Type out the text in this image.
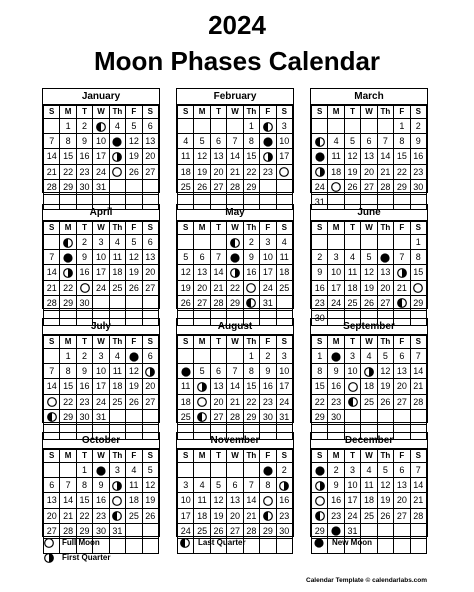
2024
Moon Phases Calendar
January
S	M	T	W	Th	F	S
	1	2		4	5	6
7	8	9	10		12	13
14	15	16	17		19	20
21	22	23	24		26	27
28	29	30	31			

February
S	M	T	W	Th	F	S
				1		3
4	5	6	7	8		10
11	12	13	14	15		17
18	19	20	21	22	23	
25	26	27	28	29		

March
S	M	T	W	Th	F	S
					1	2
	4	5	6	7	8	9
	11	12	13	14	15	16
	18	19	20	21	22	23
24		26	27	28	29	30
31						
April
S	M	T	W	Th	F	S
		2	3	4	5	6
7		9	10	11	12	13
14		16	17	18	19	20
21	22		24	25	26	27
28	29	30				

May
S	M	T	W	Th	F	S
				2	3	4
5	6	7		9	10	11
12	13	14		16	17	18
19	20	21	22		24	25
26	27	28	29		31	

June
S	M	T	W	Th	F	S
						1
2	3	4	5		7	8
9	10	11	12	13		15
16	17	18	19	20	21	
23	24	25	26	27		29
30						
July
S	M	T	W	Th	F	S
	1	2	3	4		6
7	8	9	10	11	12	
14	15	16	17	18	19	20
	22	23	24	25	26	27
	29	30	31			

August
S	M	T	W	Th	F	S
				1	2	3
	5	6	7	8	9	10
11		13	14	15	16	17
18		20	21	22	23	24
25		27	28	29	30	31

September
S	M	T	W	Th	F	S
1		3	4	5	6	7
8	9	10		12	13	14
15	16		18	19	20	21
22	23		25	26	27	28
29	30					

October
S	M	T	W	Th	F	S
		1		3	4	5
6	7	8	9		11	12
13	14	15	16		18	19
20	21	22	23		25	26
27	28	29	30	31		

November
S	M	T	W	Th	F	S
						2
3	4	5	6	7	8	
10	11	12	13	14		16
17	18	19	20	21		23
24	25	26	27	28	29	30

December
S	M	T	W	Th	F	S
	2	3	4	5	6	7
	9	10	11	12	13	14
	16	17	18	19	20	21
	23	24	25	26	27	28
29		31				

Full Moon
First Quarter
Last Quarter	New Moon
Calendar Template © calendarlabs.com
